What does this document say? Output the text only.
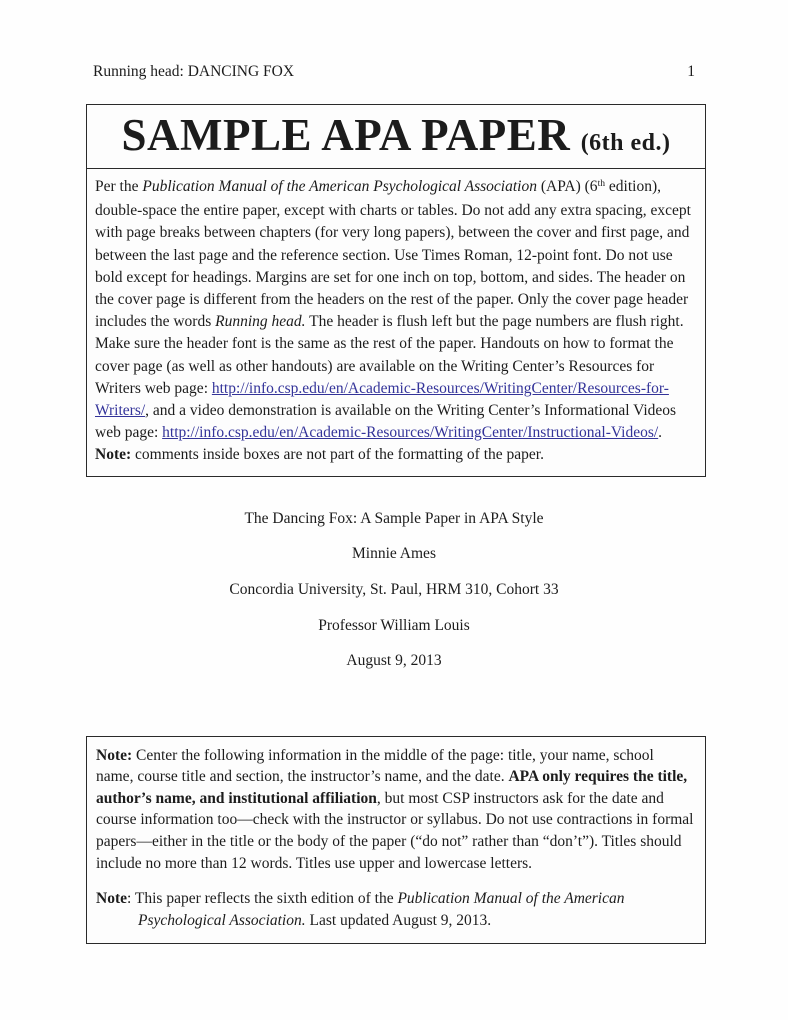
Running head: DANCING FOX	1
SAMPLE APA PAPER (6th ed.)

Per the Publication Manual of the American Psychological Association (APA) (6th edition), double-space the entire paper, except with charts or tables. Do not add any extra spacing, except with page breaks between chapters (for very long papers), between the cover and first page, and between the last page and the reference section. Use Times Roman, 12-point font. Do not use bold except for headings. Margins are set for one inch on top, bottom, and sides. The header on the cover page is different from the headers on the rest of the paper. Only the cover page header includes the words Running head. The header is flush left but the page numbers are flush right. Make sure the header font is the same as the rest of the paper. Handouts on how to format the cover page (as well as other handouts) are available on the Writing Center’s Resources for Writers web page: http://info.csp.edu/en/Academic-Resources/WritingCenter/Resources-for-Writers/, and a video demonstration is available on the Writing Center’s Informational Videos web page: http://info.csp.edu/en/Academic-Resources/WritingCenter/Instructional-Videos/. Note: comments inside boxes are not part of the formatting of the paper.

The Dancing Fox: A Sample Paper in APA Style

Minnie Ames

Concordia University, St. Paul, HRM 310, Cohort 33

Professor William Louis

August 9, 2013

Note: Center the following information in the middle of the page: title, your name, school name, course title and section, the instructor’s name, and the date. APA only requires the title, author’s name, and institutional affiliation, but most CSP instructors ask for the date and course information too—check with the instructor or syllabus. Do not use contractions in formal papers—either in the title or the body of the paper (“do not” rather than “don’t”). Titles should include no more than 12 words. Titles use upper and lowercase letters.

Note: This paper reflects the sixth edition of the Publication Manual of the American Psychological Association. Last updated August 9, 2013.
